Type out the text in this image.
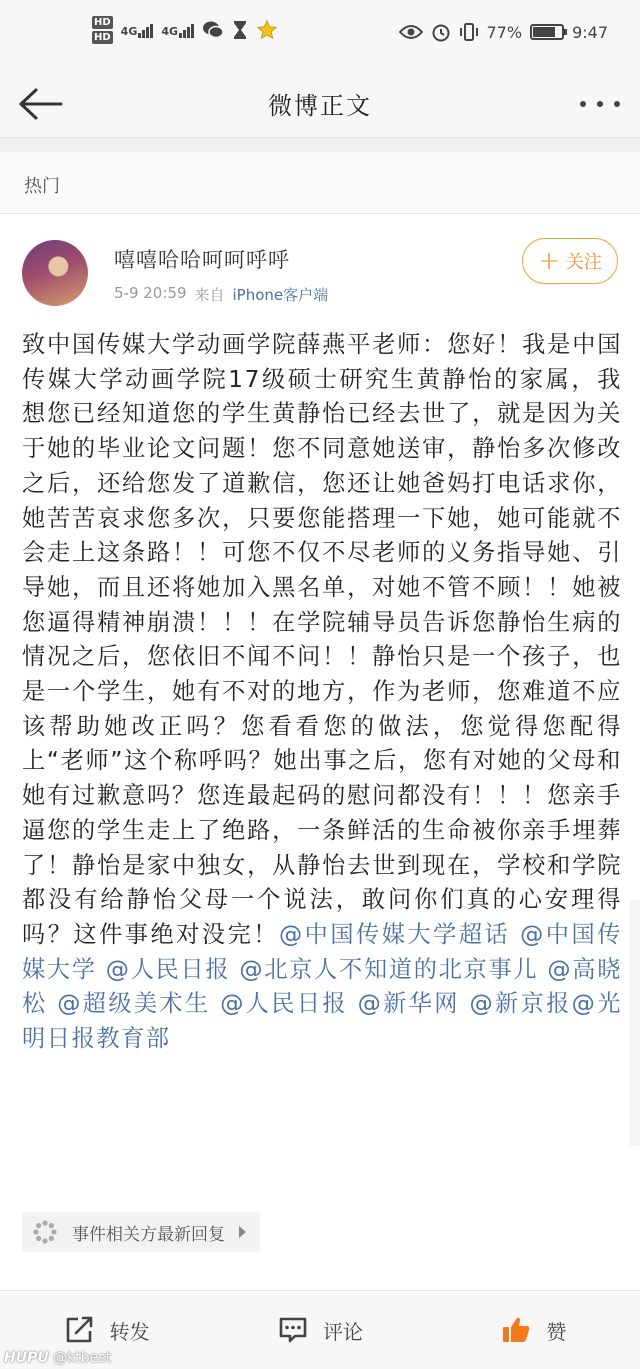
HD
HD 4G 4G	77%	9:47
微博正文
热门
嘻嘻哈哈呵呵呼呼
5-9 20:59 来自 iPhone客户端
+ 关注
致中国传媒大学动画学院薛燕平老师：您好！我是中国传媒大学动画学院17级硕士研究生黄静怡的家属，我想您已经知道您的学生黄静怡已经去世了，就是因为关于她的毕业论文问题！您不同意她送审，静怡多次修改之后，还给您发了道歉信，您还让她爸妈打电话求你，她苦苦哀求您多次，只要您能搭理一下她，她可能就不会走上这条路！！可您不仅不尽老师的义务指导她、引导她，而且还将她加入黑名单，对她不管不顾！！她被您逼得精神崩溃！！！在学院辅导员告诉您静怡生病的情况之后，您依旧不闻不问！！静怡只是一个孩子，也是一个学生，她有不对的地方，作为老师，您难道不应该帮助她改正吗？您看看您的做法，您觉得您配得上“老师”这个称呼吗？她出事之后，您有对她的父母和她有过歉意吗？您连最起码的慰问都没有！！！您亲手逼您的学生走上了绝路，一条鲜活的生命被你亲手埋葬了！静怡是家中独女，从静怡去世到现在，学校和学院都没有给静怡父母一个说法，敢问你们真的心安理得吗？这件事绝对没完！@中国传媒大学超话 @中国传媒大学 @人民日报 @北京人不知道的北京事儿 @高晓松 @超级美术生 @人民日报 @新华网 @新京报@光明日报教育部
事件相关方最新回复
转发	评论	赞
HUPU @ktbest
